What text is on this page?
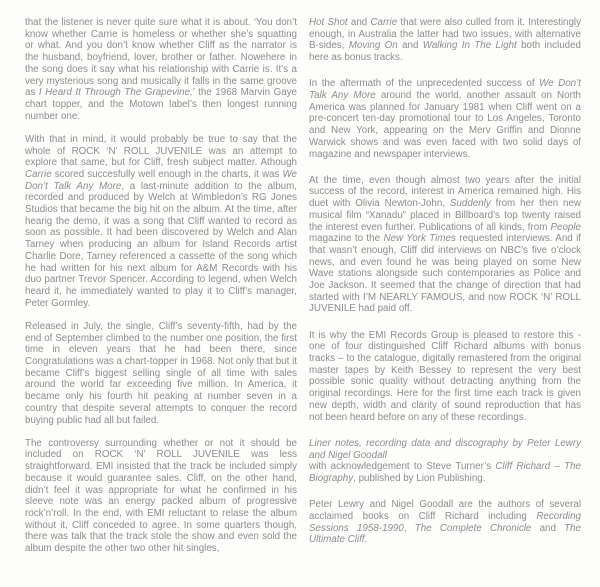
that the listener is never quite sure what it is about. ‘You don’t know whether Carrie is homeless or whether she’s squatting or what. And you don’t know whether Cliff as the narrator is the husband, boyfriend, lover, brother or father. Nowehere in the song does it say what his relationship with Carrie is. It’s a very mysterious song and musically it falls in the same groove as I Heard It Through The Grapevine,’ the 1968 Marvin Gaye chart topper, and the Motown label’s then longest running number one.

With that in mind, it would probably be true to say that the whole of ROCK ‘N’ ROLL JUVENILE was an attempt to explore that same, but for Cliff, fresh subject matter. Athough Carrie scored succesfully well enough in the charts, it was We Don’t Talk Any More, a last-minute addition to the album, recorded and produced by Welch at Wimbledon’s RG Jones Studios that became the big hit on the album. At the time, after hearig the demo, it was a song that Cliff wanted to record as soon as possible. It had been discovered by Welch and Alan Tarney when producing an album for Island Records artist Charlie Dore, Tarney referenced a cassette of the song which he had written for his next album for A&M Records with his duo partner Trevor Spencer. According to legend, when Welch heard it, he immediately wanted to play it to Cliff’s manager, Peter Gormley.

Released in July, the single, Cliff’s seventy-fifth, had by the end of September climbed to the number one position, the first time in eleven years that he had been there, since Congratulations was a chart-topper in 1968. Not only that but it became Cliff’s biggest selling single of all time with sales around the world far exceeding five million. In America, it became only his fourth hit peaking at number seven in a country that despite several attempts to conquer the record buying public had all but failed.

The controversy surrounding whether or not it should be included on ROCK ‘N’ ROLL JUVENILE was less straightforward. EMI insisted that the track be included simply because it would guarantee sales. Cliff, on the other hand, didn’t feel it was appropriate for what he confirmed in his sleeve note was an energy packed album of progressive rock’n’roll. In the end, with EMI reluctant to relase the album without it, Cliff conceded to agree. In some quarters though, there was talk that the track stole the show and even sold the album despite the other two other hit singles,

Hot Shot and Carrie that were also culled from it. Interestingly enough, in Australia the latter had two issues, with alternative B-sides, Moving On and Walking In The Light both included here as bonus tracks.

In the aftermath of the unprecedented success of We Don’t Talk Any More around the world, another assault on North America was planned for January 1981 when Cliff went on a pre-concert ten-day promotional tour to Los Angeles, Toronto and New York, appearing on the Merv Griffin and Dionne Warwick shows and was even faced with two solid days of magazine and newspaper interviews.

At the time, even though almost two years after the initial success of the record, interest in America remained high. His duet with Olivia Newton-John, Suddenly from her then new musical film “Xanadu” placed in Billboard’s top twenty raised the interest even further. Publications of all kinds, from People magazine to the New York Times requested interviews. And if that wasn’t enough, Cliff did interviews on NBC’s five o’clock news, and even found he was being played on some New Wave stations alongside such contemporaries as Police and Joe Jackson. It seemed that the change of direction that had started with I’M NEARLY FAMOUS, and now ROCK ‘N’ ROLL JUVENILE had paid off.

It is why the EMI Records Group is pleased to restore this - one of four distinguished Cliff Richard albums with bonus tracks – to the catalogue, digitally remastered from the original master tapes by Keith Bessey to represent the very best possible sonic quality without detracting anything from the original recordings. Here for the first time each track is given new depth, width and clarity of sound reproduction that has not been heard before on any of these recordings.

Liner notes, recording data and discography by Peter Lewry and Nigel Goodall

with acknowledgement to Steve Turner’s Cliff Richard – The Biography, published by Lion Publishing.

Peter Lewry and Nigel Goodall are the authors of several acclaimed books on Cliff Richard including Recording Sessions 1958-1990, The Complete Chronicle and The Ultimate Cliff.
